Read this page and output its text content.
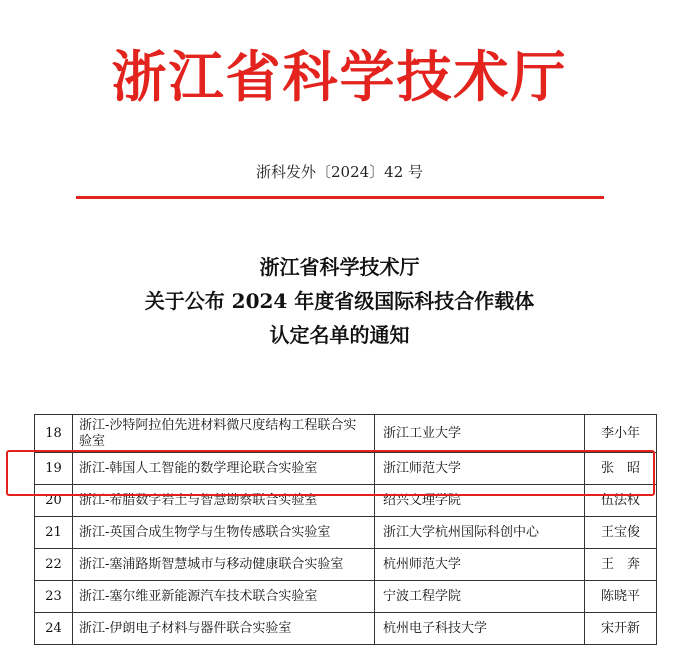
浙江省科学技术厅
浙科发外〔2024〕42 号
浙江省科学技术厅
关于公布 2024 年度省级国际科技合作载体
认定名单的通知
18	浙江-沙特阿拉伯先进材料微尺度结构工程联合实验室	浙江工业大学	李小年
19	浙江-韩国人工智能的数学理论联合实验室	浙江师范大学	张　昭
20	浙江-希腊数字岩土与智慧勘察联合实验室	绍兴文理学院	伍法权
21	浙江-英国合成生物学与生物传感联合实验室	浙江大学杭州国际科创中心	王宝俊
22	浙江-塞浦路斯智慧城市与移动健康联合实验室	杭州师范大学	王　奔
23	浙江-塞尔维亚新能源汽车技术联合实验室	宁波工程学院	陈晓平
24	浙江-伊朗电子材料与器件联合实验室	杭州电子科技大学	宋开新
